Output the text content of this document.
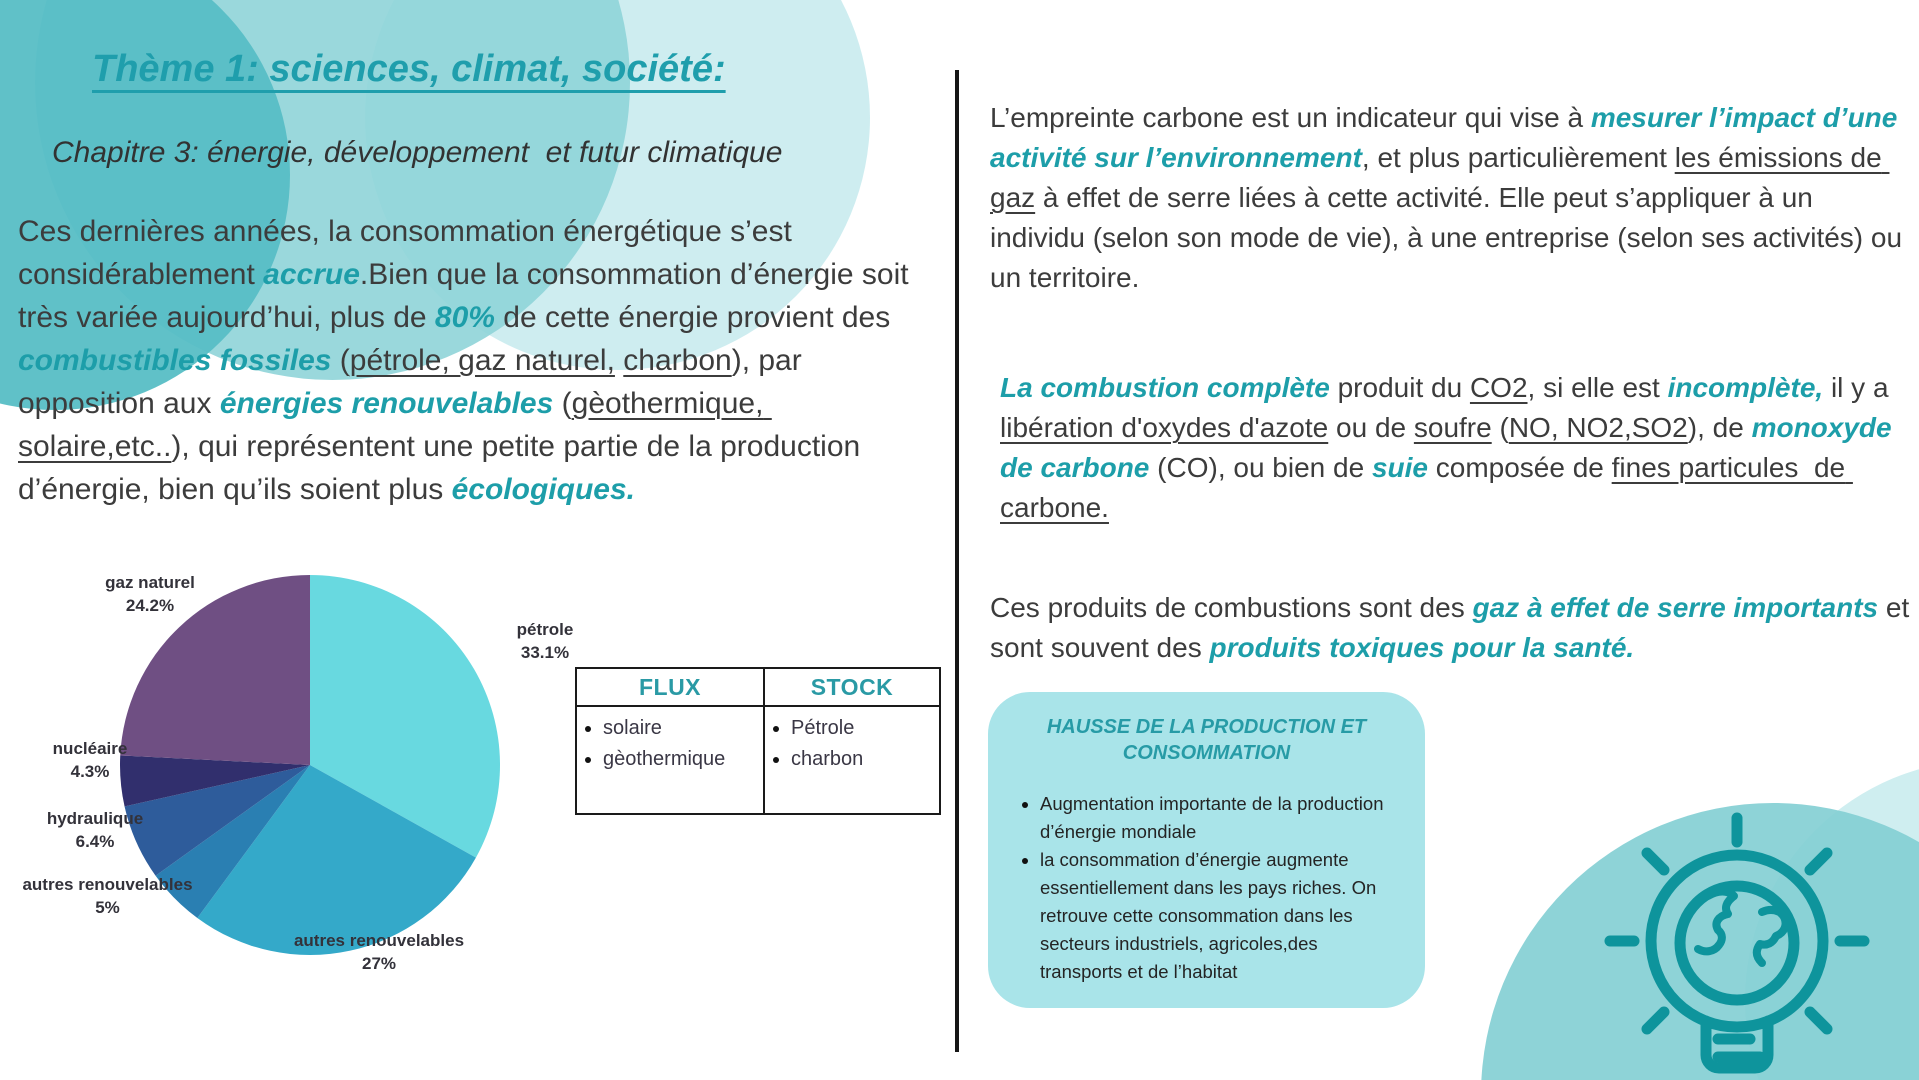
Thème 1: sciences, climat, société:
Chapitre 3: énergie, développement  et futur climatique

Ces dernières années, la consommation énergétique s’est considérablement accrue.Bien que la consommation d’énergie soit très variée aujourd’hui, plus de 80% de cette énergie provient des combustibles fossiles (pétrole, gaz naturel, charbon), par opposition aux énergies renouvelables (gèothermique, solaire,etc..), qui représentent une petite partie de la production d’énergie, bien qu’ils soient plus écologiques.

gaz naturel
24.2%
pétrole
33.1%
nucléaire
4.3%
hydraulique
6.4%
autres renouvelables
5%
autres renouvelables
27%
FLUX
• solaire
• gèothermique
STOCK
• Pétrole
• charbon

L’empreinte carbone est un indicateur qui vise à mesurer l’impact d’une activité sur l’environnement, et plus particulièrement les émissions de gaz à effet de serre liées à cette activité. Elle peut s’appliquer à un individu (selon son mode de vie), à une entreprise (selon ses activités) ou un territoire.

La combustion complète produit du CO2, si elle est incomplète, il y a libération d'oxydes d'azote ou de soufre (NO, NO2,SO2), de monoxyde de carbone (CO), ou bien de suie composée de fines particules  de carbone.

Ces produits de combustions sont des gaz à effet de serre importants et sont souvent des produits toxiques pour la santé.

HAUSSE DE LA PRODUCTION ET CONSOMMATION
• Augmentation importante de la production d’énergie mondiale
• la consommation d’énergie augmente essentiellement dans les pays riches. On retrouve cette consommation dans les secteurs industriels, agricoles,des transports et de l’habitat
